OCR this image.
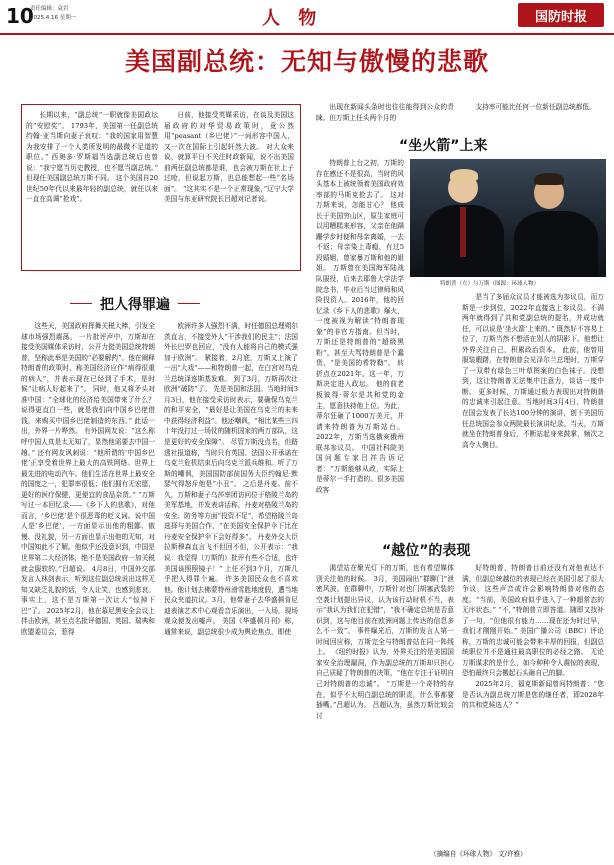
10
责任编辑：袁岩
2025.4.16 星期一	人 物	国防时报
美国副总统：无知与傲慢的悲歌

长期以来，“副总统”一职就像美国政坛的“安慰奖”。 1793年，美国第一任副总统约翰·亚当斯向妻子哀叹：“我的国家用智慧为我安排了一个人类所发明的最微不足道的职位。” 西奥多·罗斯福当选副总统后也曾说：“我宁愿当历史教授，也不愿当副总统。” 但现任美国副总统万斯不同。 这个美国自20世纪50年代以来最年轻的副总统，就任以来一直在高调“抢戏”。

日前，他接受英媒采访，在谈及美国这届政府的对华贸易政策时，竟公然用“peasant（乡巴佬）”一词形容中国人，又一次在国际上引起轩然大波。 对大众来说，就算平日不关注时政新闻，说不出美国前两任副总统都是谁，也会被万斯在社上子过呛，但说起万斯，也总能想起一些“名场面”。 “这其实不是一个正常现象，”辽宁大学美国与东亚研究院长吕超对记者说。

出现在新闻头条时也往往能得到公众的青睐。但万斯上任头两个月的

支持率可能比任何一位新任副总统都低。

把人得罪遍

这些天，美国政府挥舞关税大棒，引发全球市场强烈震荡。 一片批评声中，万斯却在接受美国媒体采访时，公开力挺美国总统特朗普，坚称此举是美国的“必要解药”。他在阐释特朗普的政策时，称美国经济应作“病得很重的病人”，并表示现在已经到了手术，是时候“让病人好起来了”。 同时，他又将矛头对准中国：“全球化的经济给美国带来了什么？说得更直白一些，就是我们向中国乡巴佬借钱，来购买中国乡巴佬制造的东西。” 此话一出，外界一片哗然。 有外国网友说：“这么称呼中国人真是太无知了，显然他需要去中国一趟。” 还有网友讽刺说：“他所谓的‘中国乡巴佬’正享受着世界上最大的高铁网络。世界上最先进的电动汽车。他们生活在世界上最安全的国度之一，犯罪率很低；他们拥有无宏愿，更好的医疗保健，更便宜的食品杂货。” “万斯写过一本回忆录——《乡下人的悲歌》，对他而言，‘乡巴佬’是个很恶毒的贬义词。说中国人是‘乡巴佬’，一方面显示出他的粗鄙、傲慢、没礼貌，另一方面也显示出他的无知，对中国知此不了解。他似乎还没意识到，中国是世界第二大经济体，绝不是美国政府一加关税就会服软的。”吕超说。 4月8日，中国外交部发言人林剑表示，听到这位副总统说出这样无知又缺乏礼貌的话，令人让笑，也感到悲哀。 事实上，这不是万斯第一次让大“惊掉下巴”了。 2025年2月，他在慕尼黑安全会议上拌击欧洲，甚至点名批评德国、英国、瑞典和欧盟委员会，惹得

欧洲许多人强烈不满，时任德国总理朔尔茨直言，不接受外人“干涉我们的民主”；法国外长巴罗也回应，“没有人能将自己的模式强加于欧洲”。 紧接着，2月底，万斯又上演了一出“大戏”——和特朗普一起，在白宫对乌克兰总统泽连斯基发难。 到了3月，万斯再次让欧洲“破防”了。 先是美国和法国。当地时间3月3日，他在接受采访时表示，要确保乌克兰的和平安全，“最好是让美国在乌克兰的未来中获得经济利益”。他还嘲讽，“相比某些三四十年没打过一场仗的随机国家的两万部队，这是更好的安全保障”。 尽管万斯没点名，但路透社报道称，当时只有英国、法国公开承诺在乌克兰危机结束后向乌克兰派兵维和。听了万斯的嘲讽，美国国防部前国务大臣约翰尼·默瑟气得怒斥他是“小丑”。 之后是丹麦。前不久，万斯和妻子乌莎率团访问位于格陵兰岛的美军基地，并发表讲话称，丹麦对格陵兰岛的安全、防务等方面“投资不足”，希望格陵兰岛选择与美国合作，“在美国安全保护伞下比在丹麦安全保护伞下会好得多”。 丹麦外交大臣拉斯穆森直言飞不但回不但，公开表示：“我说：我觉得（万斯的）批评有些不合适，也许美国该照照镜子！” 上任不到3个月，万斯几乎把人得罪个遍。 许多美国民众也不喜欢他。他计划去佛蒙特州滑雪胜地度假，遭当地民众夹道抗议。3月，他带妻子去华盛顿肯尼迪表演艺术中心观看音乐演出，一入场，现场观众便发出嘘声。 美国《华盛顿月刊》称，通常来说，副总统很少成为舆论焦点，即使

“坐火箭”上来

特朗普上台之初，万斯的存在感还不是很高，当时的风头基本上被统领着美国政府效率部的马斯克抢去了。 这对万斯来说，怎能甘心？ 他成长于美国穷山区，原生家庭可以用糟糕来形容，父亲在他蹒跚学步时便和母亲离婚，一去不返；母亲染上毒瘾，有过5段婚姻，曾家暴万斯和他的姐姐。 万斯曾在美国海军陆战队服役，后来去耶鲁大学法学院念书，毕业后当过律师和风险投资人。2016年，他的回忆录《乡下人的悲歌》爆火，一度被视为解读“特朗普现象”的非官方指南。但当时，万斯还是特朗普的“超级黑粉”，甚至大骂特朗普是个蠢货，“是美国的希特勒”。 转折点在2021年。这一年，万斯决定进入政坛。 他的前老板彼得·蒂尔是共和党的金主，愿意扶持他上位。为此，蒂尔狂砸了1000万美元，并请来特朗普为万斯站台。2022年，万斯当选俄亥俄州联邦参议员。 中国社科院美国问题专家吕祥告诉记者：“万斯能够从政，实际上是蒂尔一手打造的。很多美国政客

特朗普（左）与万斯（图源：环球人物）

是当了多届众议员才能被选为参议员，而万斯是一步到位，2022年直接选上参议员。不满两年就得到了共和党副总统的提名，并成功就任，可以说是‘坐火箭’上来的。” 既然好不容易上位了，万斯当然不想活在别人的阴影下。他想让外界关注自己，积累政治资本。 此前，他曾用服装暇躇，在特朗普会见泽尔兰总理时，万斯穿了一双带有绿色三叶草图案的白色袜子。没想到，这让特朗普无法集中注意力，谈话一度中断。 更多时候，万斯通过极力表现出对特朗普的忠诚来引起注意。当地时间3月4日，特朗普在国会发表了长达100分钟的演讲，创下美国历任总统国会参众两院最长演讲纪录。当天，万斯就坐在特朗普身后，不断站起身来鼓掌，频次之高令人侧目。

“越位”的表现

渴望站在聚光灯下的万斯，也有希望媒体别关注他的时候。 3月，美国闹出“群聊门”泄密风波。在群聊中，万斯针对也门胡塞武装的空袭计划提出异议，认为该行动时机不当，表示“我认为我们在犯错”，“我不确定总统是否意识到，这与他目前在欧洲问题上传达的信息多么不一致”。 事件曝光后，万斯的发言人第一时间回应称，万斯完全与特朗普站在同一阵线上。 《纽约时报》认为，外界关注的是美国国家安全治理漏洞，作为副总统的万斯却只担心自己质疑了特朗普的决策，“他在专注于证明自己对特朗普的忠诚”。 “万斯是一个奇特的存在，似乎不太明白副总统的职责，什么事都要插嘴。”吕超认为。 吕超认为，虽然万斯比较会讨

好特朗普，特朗普目前还没有对他表达不满，但副总统越位的表现已经在美国引起了很大争议，这些声音或许会影响特朗普对他的态度。“当前，美国政府似乎进入了一种超常态的无序状态。” “不，”特朗普立即答道。随即又找补了一句，“但他很有能力……现在还为时过早，我们才刚刚开始。” 美国广播公司（BBC）评论称，万斯的忠诚可能会带来丰厚的回报，但副总统职位并不是通往最高职位的必经之路。 无论万斯谋求的是什么，如今种种令人震惊的表现，恐怕最终只会搬起石头砸自己的脚。

2025年2月，福克斯新闻曾问特朗普：“您是否认为副总统万斯是您的继任者，即2028年的共和党候选人？”

（摘编自《环球人物》 文/许雅）
